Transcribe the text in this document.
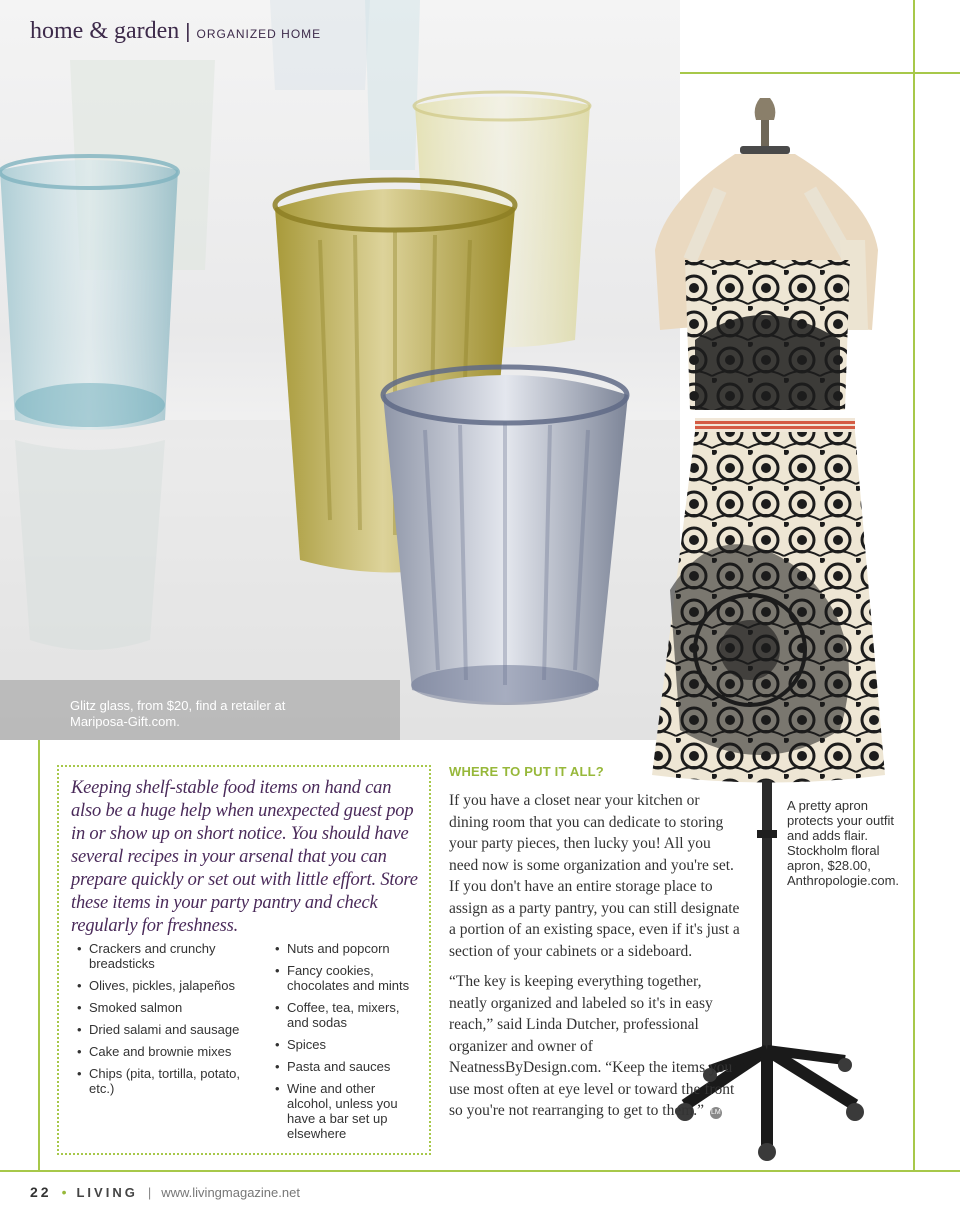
home & garden | ORGANIZED HOME
Glitz glass, from $20, find a retailer at Mariposa-Gift.com.
A pretty apron protects your outfit and adds flair. Stockholm floral apron, $28.00, Anthropologie.com.

Keeping shelf-stable food items on hand can also be a huge help when unexpected guest pop in or show up on short notice. You should have several recipes in your arsenal that you can prepare quickly or set out with little effort. Store these items in your party pantry and check regularly for freshness.

• Crackers and crunchy breadsticks
• Olives, pickles, jalapeños
• Smoked salmon
• Dried salami and sausage
• Cake and brownie mixes
• Chips (pita, tortilla, potato, etc.)
• Nuts and popcorn
• Fancy cookies, chocolates and mints
• Coffee, tea, mixers, and sodas
• Spices
• Pasta and sauces
• Wine and other alcohol, unless you have a bar set up elsewhere
WHERE TO PUT IT ALL?

If you have a closet near your kitchen or dining room that you can dedicate to storing your party pieces, then lucky you! All you need now is some organization and you're set. If you don't have an entire storage place to assign as a party pantry, you can still designate a portion of an existing space, even if it's just a section of your cabinets or a sideboard.

“The key is keeping everything together, neatly organized and labeled so it's in easy reach,” said Linda Dutcher, professional organizer and owner of NeatnessByDesign.com. “Keep the items you use most often at eye level or toward the front so you're not rearranging to get to them.” LM

22 • LIVING | www.livingmagazine.net
